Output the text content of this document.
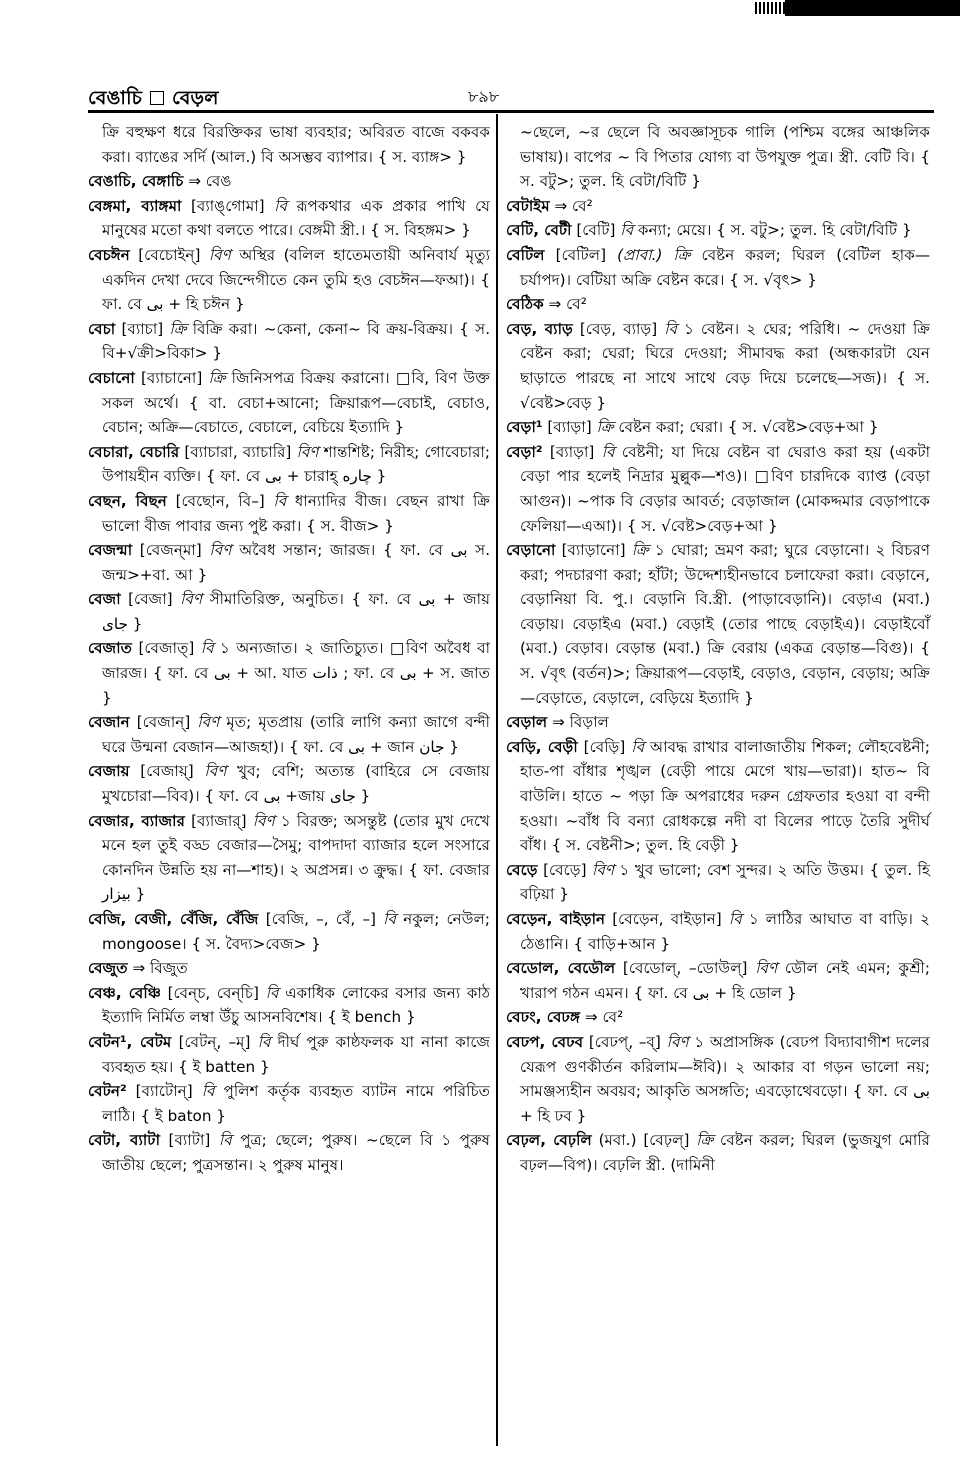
বেঙাচি বেড়ল	৮৯৮

ক্রি বহুক্ষণ ধরে বিরক্তিকর ভাষা ব্যবহার; অবিরত বাজে বকবক করা। ব্যাঙের সর্দি (আল.) বি অসম্ভব ব্যাপার। { স. ব্যাঙ্গ> }

বেঙাচি, বেঙ্গাচি ⇒ বেঙ

বেঙ্গমা, ব্যাঙ্গমা [ব্যাঙ্‌গোমা] বি রূপকথার এক প্রকার পাখি যে মানুষের মতো কথা বলতে পারে। বেঙ্গমী স্ত্রী.। { স. বিহঙ্গম> }

বেচঈন [বেচোইন্‌] বিণ অস্থির (বলিল হাতেমতায়ী অনিবার্য মৃত্যু একদিন দেখা দেবে জিন্দেগীতে কেন তুমি হও বেচঈন—ফআ)। { ফা. বে بی + হি চঈন }

বেচা [ব্যাচা] ক্রি বিক্রি করা। ~কেনা, কেনা~ বি ক্রয়-বিক্রয়। { স. বি+√ক্রী>বিকা> }

বেচানো [ব্যাচানো] ক্রি জিনিসপত্র বিক্রয় করানো। □বি, বিণ উক্ত সকল অর্থে। { বা. বেচা+আনো; ক্রিয়ারূপ—বেচাই, বেচাও, বেচান; অক্রি—বেচাতে, বেচালে, বেচিয়ে ইত্যাদি }

বেচারা, বেচারি [ব্যাচারা, ব্যাচারি] বিণ শান্তশিষ্ট; নিরীহ; গোবেচারা; উপায়হীন ব্যক্তি। { ফা. বে بی + চারাহ্‌ چاره }

বেছন, বিছন [বেছোন, বি–] বি ধান্যাদির বীজ। বেছন রাখা ক্রি ভালো বীজ পাবার জন্য পুষ্ট করা। { স. বীজ> }

বেজন্মা [বেজন্‌মা] বিণ অবৈধ সন্তান; জারজ। { ফা. বে بی স. জন্ম>+বা. আ }

বেজা [বেজা] বিণ সীমাতিরিক্ত, অনুচিত। { ফা. বে بی + জায় جای }

বেজাত [বেজাত্‌] বি ১ অন্যজাত। ২ জাতিচ্যুত। □বিণ অবৈধ বা জারজ। { ফা. বে بی + আ. যাত ذات ; ফা. বে بی + স. জাত }

বেজান [বেজান্‌] বিণ মৃত; মৃতপ্রায় (তারি লাগি কন্যা জাগে বন্দী ঘরে উন্মনা বেজান—আজহা)। { ফা. বে بی + জান جان }

বেজায় [বেজায়্‌] বিণ খুব; বেশি; অত্যন্ত (বাহিরে সে বেজায় মুখচোরা—বিব)। { ফা. বে بی +জায় جای }

বেজার, ব্যাজার [ব্যাজার্‌] বিণ ১ বিরক্ত; অসন্তুষ্ট (তোর মুখ দেখে মনে হল তুই বড্ড বেজার—সৈমু; বাপদাদা ব্যাজার হলে সংসারে কোনদিন উন্নতি হয় না—শাহ)। ২ অপ্রসন্ন। ৩ ক্রুদ্ধ। { ফা. বেজার بیزار }

বেজি, বেজী, বেঁজি, বেঁজি [বেজি, –, বেঁ, –] বি নকুল; নেউল; mongoose। { স. বৈদ্য>বেজ> }

বেজুত ⇒ বিজুত

বেঞ্চ, বেঞ্চি [বেন্‌চ, বেন্‌চি] বি একাধিক লোকের বসার জন্য কাঠ ইত্যাদি নির্মিত লম্বা উঁচু আসনবিশেষ। { ই bench }

বেটন¹, বেটম [বেটন্‌, –ম্‌] বি দীর্ঘ পুরু কাষ্ঠফলক যা নানা কাজে ব্যবহৃত হয়। { ই batten }

বেটন² [ব্যাটোন্‌] বি পুলিশ কর্তৃক ব্যবহৃত ব্যাটন নামে পরিচিত লাঠি। { ই baton }

বেটা, ব্যাটা [ব্যাটা] বি পুত্র; ছেলে; পুরুষ। ~ছেলে বি ১ পুরুষ জাতীয় ছেলে; পুত্রসন্তান। ২ পুরুষ মানুষ।

~ছেলে, ~র ছেলে বি অবজ্ঞাসূচক গালি (পশ্চিম বঙ্গের আঞ্চলিক ভাষায়)। বাপের ~ বি পিতার যোগ্য বা উপযুক্ত পুত্র। স্ত্রী. বেটি বি। { স. বটু>; তুল. হি বেটা/বিটি }

বেটাইম ⇒ বে²

বেটি, বেটী [বেটি] বি কন্যা; মেয়ে। { স. বটু>; তুল. হি বেটা/বিটি }

বেটিল [বেটিল] (প্রাবা.) ক্রি বেষ্টন করল; ঘিরল (বেটিল হাক—চর্যাপদ)। বেটিয়া অক্রি বেষ্টন করে। { স. √বৃৎ> }

বেঠিক ⇒ বে²

বেড়, ব্যাড় [বেড়, ব্যাড়] বি ১ বেষ্টন। ২ ঘের; পরিধি। ~ দেওয়া ক্রি বেষ্টন করা; ঘেরা; ঘিরে দেওয়া; সীমাবদ্ধ করা (অন্ধকারটা যেন ছাড়াতে পারছে না সাথে সাথে বেড় দিয়ে চলেছে—সজ)। { স. √বেষ্ট>বেড় }

বেড়া¹ [ব্যাড়া] ক্রি বেষ্টন করা; ঘেরা। { স. √বেষ্ট>বেড়+আ }

বেড়া² [ব্যাড়া] বি বেষ্টনী; যা দিয়ে বেষ্টন বা ঘেরাও করা হয় (একটা বেড়া পার হলেই নিদ্রার মুল্লুক—শও)। □বিণ চারদিকে ব্যাপ্ত (বেড়া আগুন)। ~পাক বি বেড়ার আবর্ত; বেড়াজাল (মোকদ্দমার বেড়াপাকে ফেলিয়া—এআ)। { স. √বেষ্ট>বেড়+আ }

বেড়ানো [ব্যাড়ানো] ক্রি ১ ঘোরা; ভ্রমণ করা; ঘুরে বেড়ানো। ২ বিচরণ করা; পদচারণা করা; হাঁটা; উদ্দেশ্যহীনভাবে চলাফেরা করা। বেড়ানে, বেড়ানিয়া বি. পু.। বেড়ানি বি.স্ত্রী. (পাড়াবেড়ানি)। বেড়াএ (মবা.) বেড়ায়। বেড়াইএ (মবা.) বেড়াই (তোর পাছে বেড়াইএ)। বেড়াইবোঁ (মবা.) বেড়াব। বেড়ান্ত (মবা.) ক্রি বেরায় (একত্র বেড়ান্ত—বিগু)। { স. √বৃৎ (বর্তন)>; ক্রিয়ারূপ—বেড়াই, বেড়াও, বেড়ান, বেড়ায়; অক্রি—বেড়াতে, বেড়ালে, বেড়িয়ে ইত্যাদি }

বেড়াল ⇒ বিড়াল

বেড়ি, বেড়ী [বেড়ি] বি আবদ্ধ রাখার বালাজাতীয় শিকল; লৌহবেষ্টনী; হাত-পা বাঁধার শৃঙ্খল (বেড়ী পায়ে মেগে খায়—ভারা)। হাত~ বি বাউলি। হাতে ~ পড়া ক্রি অপরাধের দরুন গ্রেফতার হওয়া বা বন্দী হওয়া। ~বাঁধ বি বন্যা রোধকল্পে নদী বা বিলের পাড়ে তৈরি সুদীর্ঘ বাঁধ। { স. বেষ্টনী>; তুল. হি বেড়ী }

বেড়ে [বেড়ে] বিণ ১ খুব ভালো; বেশ সুন্দর। ২ অতি উত্তম। { তুল. হি বঢ়িয়া }

বেড়েন, বাইড়ান [বেড়েন, বাইড়ান] বি ১ লাঠির আঘাত বা বাড়ি। ২ ঠেঙানি। { বাড়ি+আন }

বেডোল, বেডৌল [বেডোল্‌, –ডোউল্‌] বিণ ডৌল নেই এমন; কুশ্রী; খারাপ গঠন এমন। { ফা. বে بی + হি ডোল }

বেঢং, বেঢঙ্গ ⇒ বে²

বেঢপ, বেঢব [বেঢপ্‌, –ব্‌] বিণ ১ অপ্রাসঙ্গিক (বেঢপ বিদ্যাবাগীশ দলের যেরূপ গুণকীর্তন করিলাম—ঈবি)। ২ আকার বা গড়ন ভালো নয়; সামঞ্জস্যহীন অবয়ব; আকৃতি অসঙ্গতি; এবড়োথেবড়ো। { ফা. বে بی + হি ঢব }

বেঢ়ল, বেঢ়লি (মবা.) [বেঢ়ল্‌] ক্রি বেষ্টন করল; ঘিরল (ভুজযুগ মোরি বঢ়ল—বিপ)। বেঢ়লি স্ত্রী. (দামিনী
